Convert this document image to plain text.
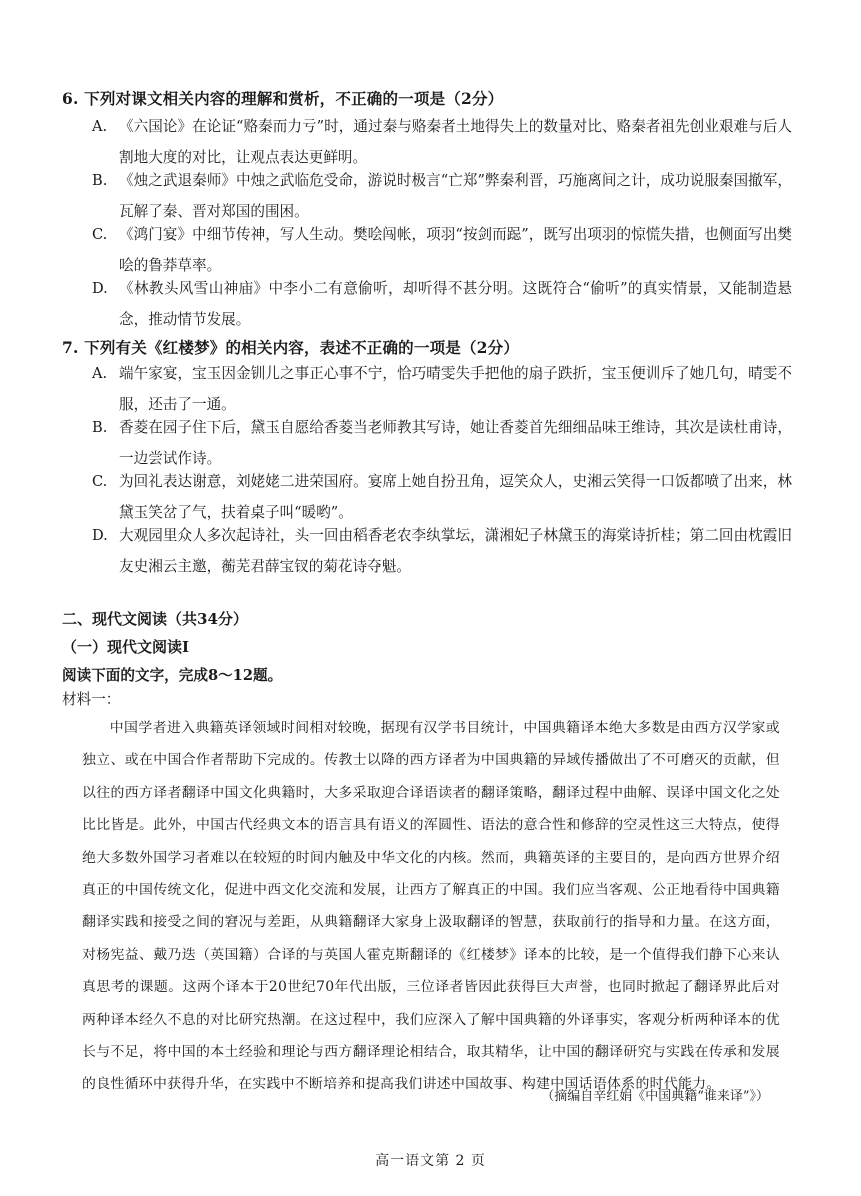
6. 下列对课文相关内容的理解和赏析，不正确的一项是（2分）
A. 《六国论》在论证“赂秦而力亏”时，通过秦与赂秦者土地得失上的数量对比、赂秦者祖先创业艰难与后人割地大度的对比，让观点表达更鲜明。
B. 《烛之武退秦师》中烛之武临危受命，游说时极言“亡郑”弊秦利晋，巧施离间之计，成功说服秦国撤军，瓦解了秦、晋对郑国的围困。
C. 《鸿门宴》中细节传神，写人生动。樊哙闯帐，项羽“按剑而跽”，既写出项羽的惊慌失措，也侧面写出樊哙的鲁莽草率。
D. 《林教头风雪山神庙》中李小二有意偷听，却听得不甚分明。这既符合“偷听”的真实情景，又能制造悬念，推动情节发展。
7. 下列有关《红楼梦》的相关内容，表述不正确的一项是（2分）
A. 端午家宴，宝玉因金钏儿之事正心事不宁，恰巧晴雯失手把他的扇子跌折，宝玉便训斥了她几句，晴雯不服，还击了一通。
B. 香菱在园子住下后，黛玉自愿给香菱当老师教其写诗，她让香菱首先细细品味王维诗，其次是读杜甫诗，一边尝试作诗。
C. 为回礼表达谢意，刘姥姥二进荣国府。宴席上她自扮丑角，逗笑众人，史湘云笑得一口饭都喷了出来，林黛玉笑岔了气，扶着桌子叫“暖哟”。
D. 大观园里众人多次起诗社，头一回由稻香老农李纨掌坛，潇湘妃子林黛玉的海棠诗折桂；第二回由枕霞旧友史湘云主邀，蘅芜君薛宝钗的菊花诗夺魁。
二、现代文阅读（共34分）
（一）现代文阅读Ⅰ
阅读下面的文字，完成8～12题。
材料一：
中国学者进入典籍英译领域时间相对较晚，据现有汉学书目统计，中国典籍译本绝大多数是由西方汉学家或独立、或在中国合作者帮助下完成的。传教士以降的西方译者为中国典籍的异域传播做出了不可磨灭的贡献，但以往的西方译者翻译中国文化典籍时，大多采取迎合译语读者的翻译策略，翻译过程中曲解、误译中国文化之处比比皆是。此外，中国古代经典文本的语言具有语义的浑圆性、语法的意合性和修辞的空灵性这三大特点，使得绝大多数外国学习者难以在较短的时间内触及中华文化的内核。然而，典籍英译的主要目的，是向西方世界介绍真正的中国传统文化，促进中西文化交流和发展，让西方了解真正的中国。我们应当客观、公正地看待中国典籍翻译实践和接受之间的窘况与差距，从典籍翻译大家身上汲取翻译的智慧，获取前行的指导和力量。在这方面，对杨宪益、戴乃迭（英国籍）合译的与英国人霍克斯翻译的《红楼梦》译本的比较，是一个值得我们静下心来认真思考的课题。这两个译本于20世纪70年代出版，三位译者皆因此获得巨大声誉，也同时掀起了翻译界此后对两种译本经久不息的对比研究热潮。在这过程中，我们应深入了解中国典籍的外译事实，客观分析两种译本的优长与不足，将中国的本土经验和理论与西方翻译理论相结合，取其精华，让中国的翻译研究与实践在传承和发展的良性循环中获得升华，在实践中不断培养和提高我们讲述中国故事、构建中国话语体系的时代能力。
（摘编自辛红娟《中国典籍“谁来译”》）
高一语文第 2 页
